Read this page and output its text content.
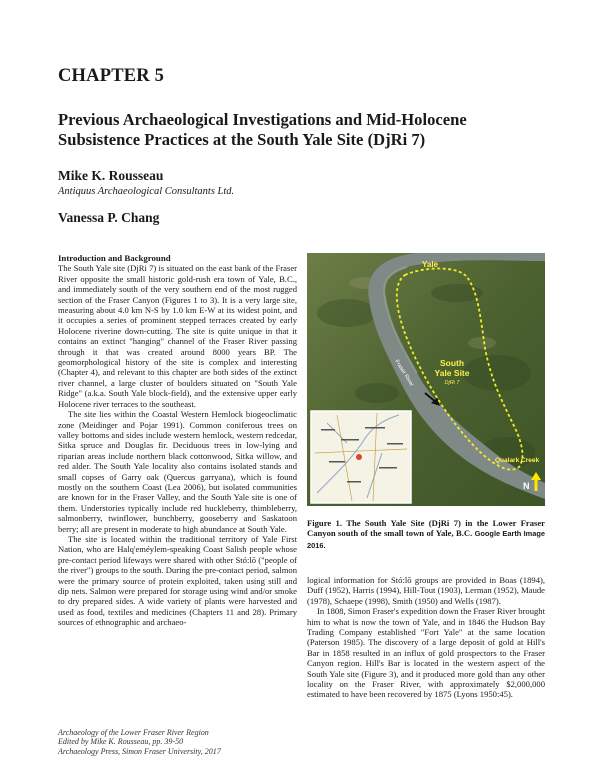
CHAPTER 5
Previous Archaeological Investigations and Mid-Holocene Subsistence Practices at the South Yale Site (DjRi 7)
Mike K. Rousseau
Antiquus Archaeological Consultants Ltd.
Vanessa P. Chang
Introduction and Background

The South Yale site (DjRi 7) is situated on the east bank of the Fraser River opposite the small historic gold-rush era town of Yale, B.C., and immediately south of the very southern end of the most rugged section of the Fraser Canyon (Figures 1 to 3). It is a very large site, measuring about 4.0 km N-S by 1.0 km E-W at its widest point, and it occupies a series of prominent stepped terraces created by early Holocene riverine down-cutting. The site is quite unique in that it contains an extinct "hanging" channel of the Fraser River passing through it that was created around 8000 years BP. The geomorphological history of the site is complex and interesting (Chapter 4), and relevant to this chapter are both sides of the extinct river channel, a large cluster of boulders situated on "South Yale Ridge" (a.k.a. South Yale block-field), and the extensive upper early Holocene river terraces to the southeast.

The site lies within the Coastal Western Hemlock biogeoclimatic zone (Meidinger and Pojar 1991). Common coniferous trees on valley bottoms and sides include western hemlock, western redcedar, Sitka spruce and Douglas fir. Deciduous trees in low-lying and riparian areas include northern black cottonwood, Sitka willow, and red alder. The South Yale locality also contains isolated stands and small copses of Garry oak (Quercus garryana), which is found mostly on the southern Coast (Lea 2006), but isolated communities are known for in the Fraser Valley, and the South Yale site is one of them. Understories typically include red huckleberry, thimbleberry, salmonberry, twinflower, bunchberry, gooseberry and Saskatoon berry; all are present in moderate to high abundance at South Yale.

The site is located within the traditional territory of Yale First Nation, who are Halq'eméylem-speaking Coast Salish people whose pre-contact period lifeways were shared with other Stó:lō ("people of the river") groups to the south. During the pre-contact period, salmon were the primary source of protein exploited, taken using still and dip nets. Salmon were prepared for storage using wind and/or smoke to dry prepared sides. A wide variety of plants were harvested and used as food, textiles and medicines (Chapters 11 and 28). Primary sources of ethnographic and archaeo-

Yale
South
Yale Site
DjRi 7
Fraser River
Qualark Creek
N
Figure 1. The South Yale Site (DjRi 7) in the Lower Fraser Canyon south of the small town of Yale, B.C. Google Earth Image 2016.

logical information for Stó:lō groups are provided in Boas (1894), Duff (1952), Harris (1994), Hill-Tout (1903), Lerman (1952), Maude (1978), Schaepe (1998), Smith (1950) and Wells (1987).

In 1808, Simon Fraser's expedition down the Fraser River brought him to what is now the town of Yale, and in 1846 the Hudson Bay Trading Company established "Fort Yale" at the same location (Paterson 1985). The discovery of a large deposit of gold at Hill's Bar in 1858 resulted in an influx of gold prospectors to the Fraser Canyon region. Hill's Bar is located in the western aspect of the South Yale site (Figure 3), and it produced more gold than any other locality on the Fraser River, with approximately $2,000,000 estimated to have been recovered by 1875 (Lyons 1950:45).

Archaeology of the Lower Fraser River Region
Edited by Mike K. Rousseau, pp. 39-50
Archaeology Press, Simon Fraser University, 2017
